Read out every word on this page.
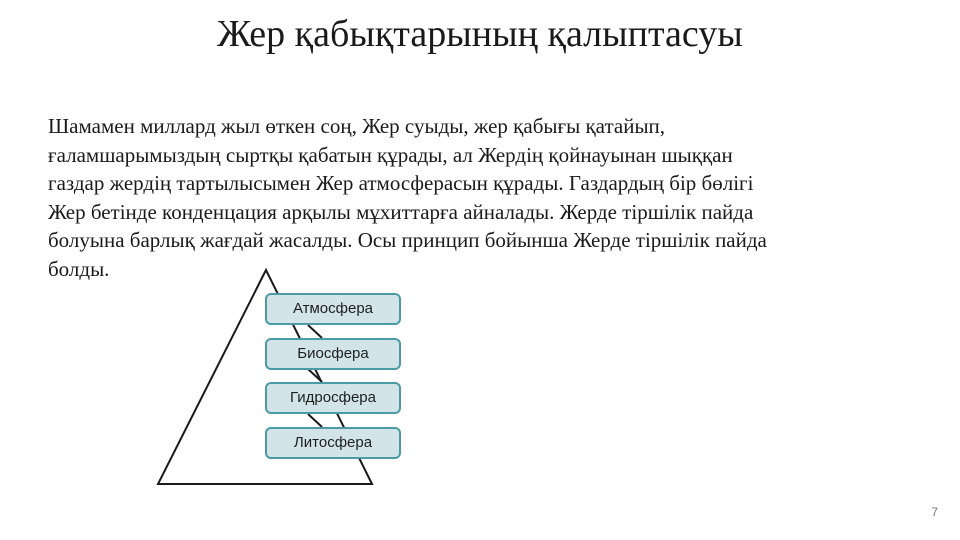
Жер қабықтарының қалыптасуы
Шамамен миллард жыл өткен соң, Жер суыды, жер қабығы қатайып,
ғаламшарымыздың сыртқы қабатын құрады, ал Жердің қойнауынан шыққан
газдар жердің тартылысымен Жер атмосферасын құрады. Газдардың бір бөлігі
Жер бетінде конденцация арқылы мұхиттарға айналады. Жерде тіршілік пайда
болуына барлық жағдай жасалды. Осы принцип бойынша Жерде тіршілік пайда
болды.
Атмосфера
Биосфера
Гидросфера
Литосфера
7
